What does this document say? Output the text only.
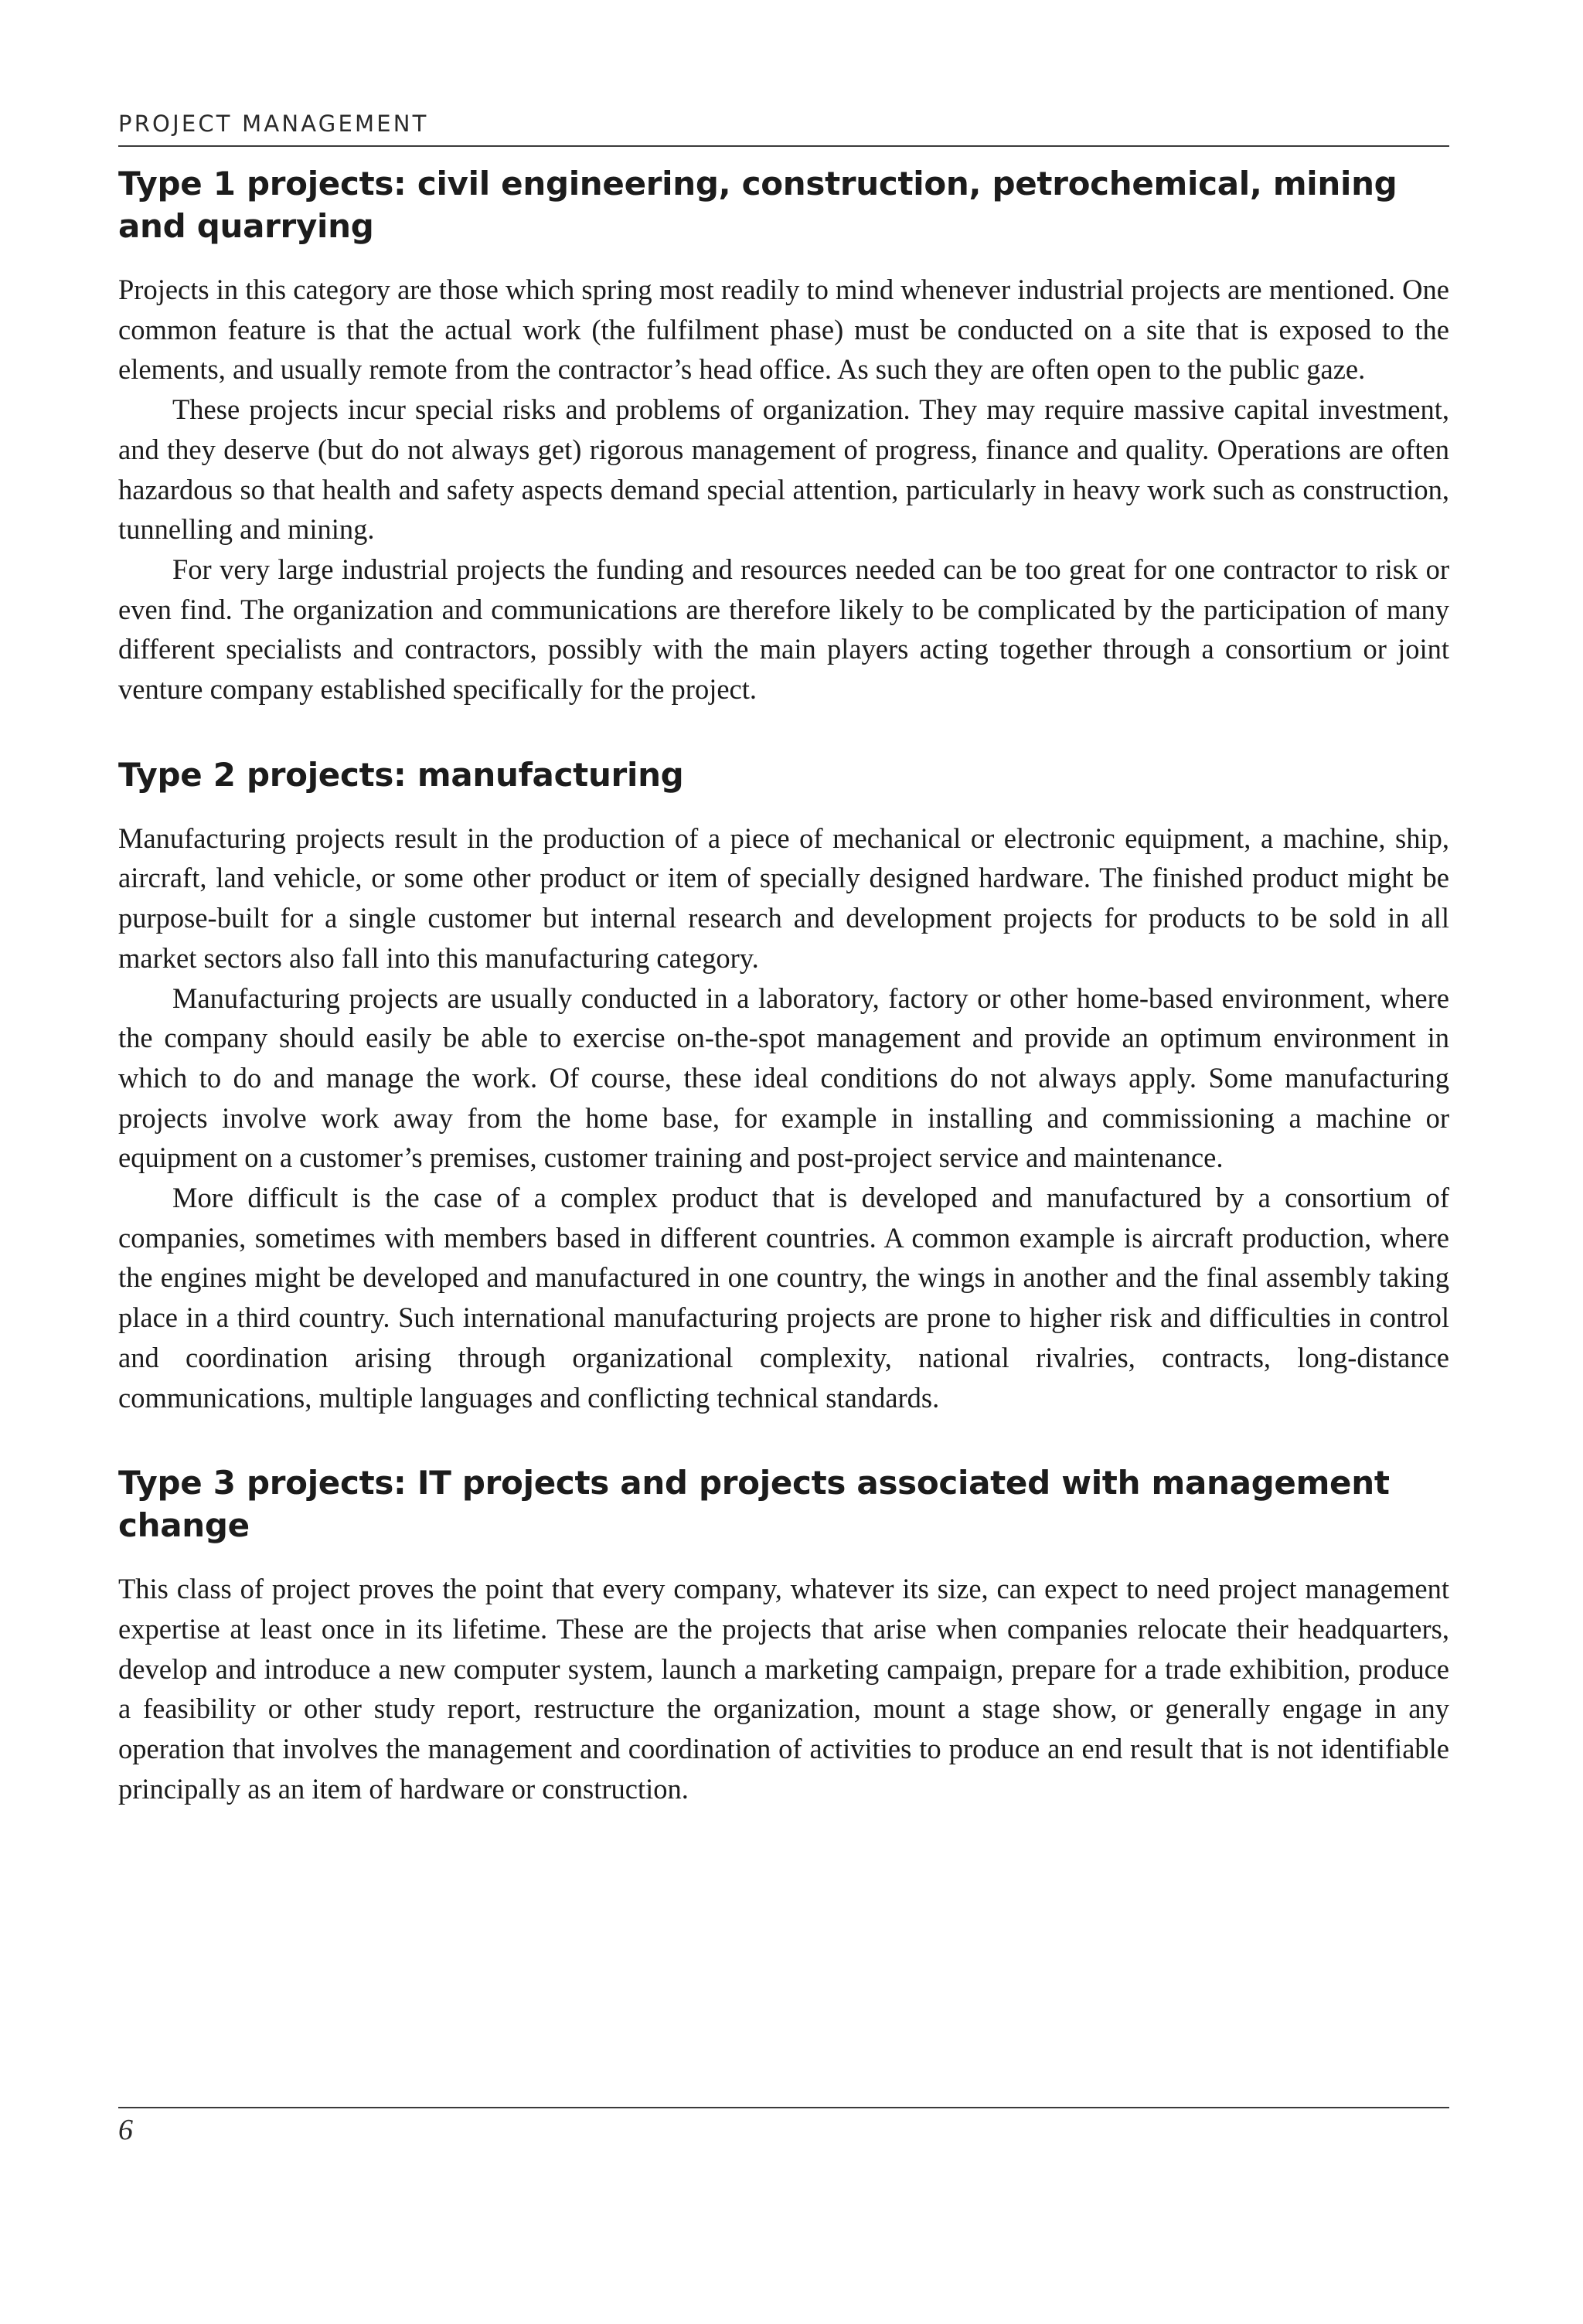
PROJECT MANAGEMENT
Type 1 projects: civil engineering, construction, petrochemical, mining and quarrying

Projects in this category are those which spring most readily to mind whenever industrial projects are mentioned. One common feature is that the actual work (the fulfilment phase) must be conducted on a site that is exposed to the elements, and usually remote from the contractor’s head office. As such they are often open to the public gaze.

These projects incur special risks and problems of organization. They may require massive capital investment, and they deserve (but do not always get) rigorous management of progress, finance and quality. Operations are often hazardous so that health and safety aspects demand special attention, particularly in heavy work such as construction, tunnelling and mining.

For very large industrial projects the funding and resources needed can be too great for one contractor to risk or even find. The organization and communications are therefore likely to be complicated by the participation of many different specialists and contractors, possibly with the main players acting together through a consortium or joint venture company established specifically for the project.

Type 2 projects: manufacturing

Manufacturing projects result in the production of a piece of mechanical or electronic equipment, a machine, ship, aircraft, land vehicle, or some other product or item of specially designed hardware. The finished product might be purpose-built for a single customer but internal research and development projects for products to be sold in all market sectors also fall into this manufacturing category.

Manufacturing projects are usually conducted in a laboratory, factory or other home-based environment, where the company should easily be able to exercise on-the-spot management and provide an optimum environment in which to do and manage the work. Of course, these ideal conditions do not always apply. Some manufacturing projects involve work away from the home base, for example in installing and commissioning a machine or equipment on a customer’s premises, customer training and post-project service and maintenance.

More difficult is the case of a complex product that is developed and manufactured by a consortium of companies, sometimes with members based in different countries. A common example is aircraft production, where the engines might be developed and manufactured in one country, the wings in another and the final assembly taking place in a third country. Such international manufacturing projects are prone to higher risk and difficulties in control and coordination arising through organizational complexity, national rivalries, contracts, long-distance communications, multiple languages and conflicting technical standards.

Type 3 projects: IT projects and projects associated with management change

This class of project proves the point that every company, whatever its size, can expect to need project management expertise at least once in its lifetime. These are the projects that arise when companies relocate their headquarters, develop and introduce a new computer system, launch a marketing campaign, prepare for a trade exhibition, produce a feasibility or other study report, restructure the organization, mount a stage show, or generally engage in any operation that involves the management and coordination of activities to produce an end result that is not identifiable principally as an item of hardware or construction.

6
